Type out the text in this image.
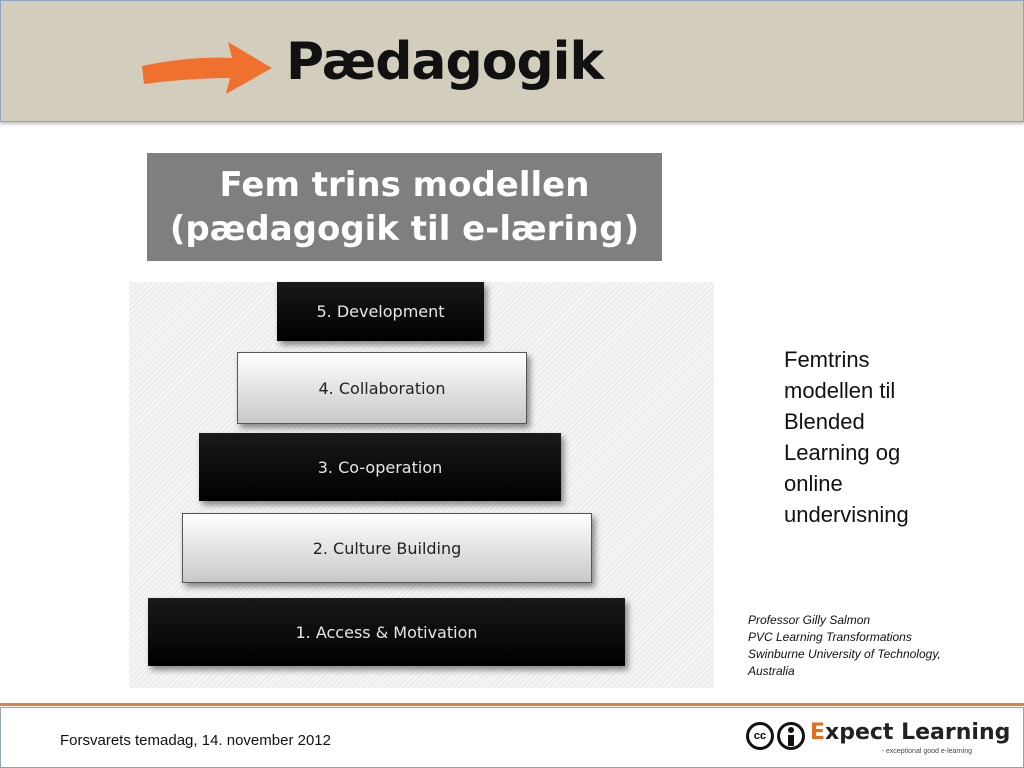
Pædagogik
Fem trins modellen
(pædagogik til e-læring)
5. Development
4. Collaboration
3. Co-operation
2. Culture Building
1. Access & Motivation
Femtrins
modellen til
Blended
Learning og
online
undervisning
Professor Gilly Salmon
PVC Learning Transformations
Swinburne University of Technology,
Australia
Forsvarets temadag, 14. november 2012	cc	Expect Learning
- exceptional good e-learning
